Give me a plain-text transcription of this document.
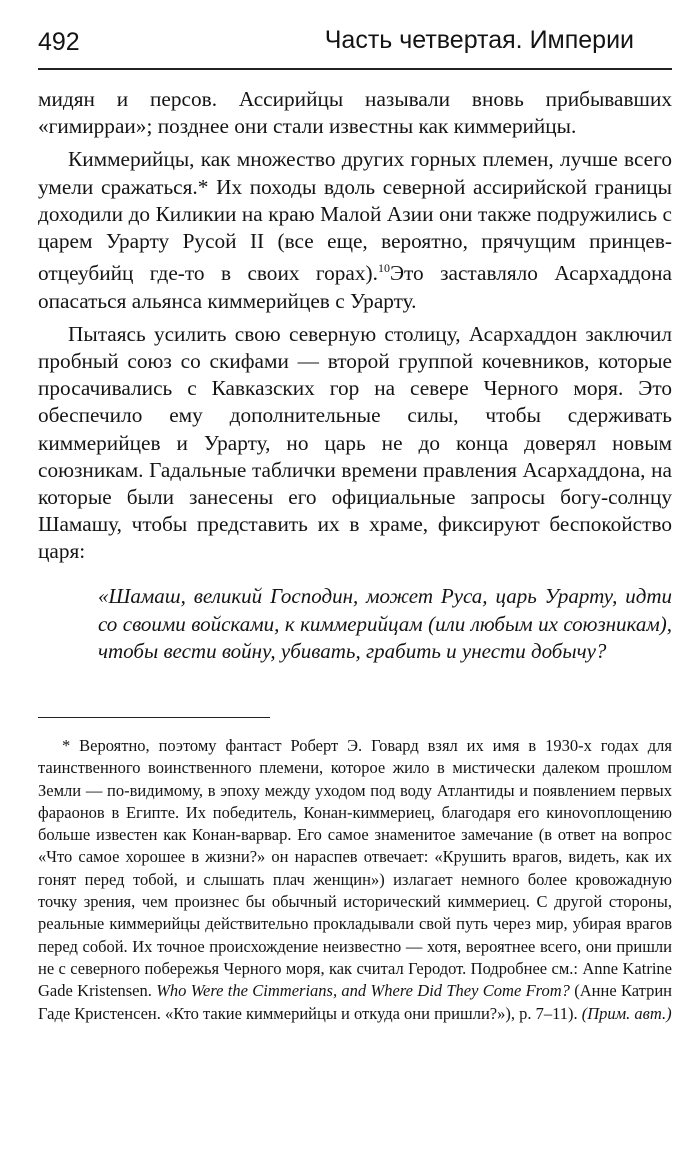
492	Часть четвертая. Империи

мидян и персов. Ассирийцы называли вновь прибывавших «гимирраи»; позднее они стали известны как киммерийцы.

Киммерийцы, как множество других горных племен, лучше всего умели сражаться.* Их походы вдоль северной ассирийской границы доходили до Киликии на краю Малой Азии они также подружились с царем Урарту Русой II (все еще, вероятно, прячущим принцев-отцеубийц где-то в своих горах).$^{10}$Это заставляло Асархаддона опасаться альянса киммерийцев с Урарту.

Пытаясь усилить свою северную столицу, Асархаддон заключил пробный союз со скифами — второй группой кочевников, которые просачивались с Кавказских гор на севере Черного моря. Это обеспечило ему дополнительные силы, чтобы сдерживать киммерийцев и Урарту, но царь не до конца доверял новым союзникам. Гадальные таблички времени правления Асархаддона, на которые были занесены его официальные запросы богу-солнцу Шамашу, чтобы представить их в храме, фиксируют беспокойство царя:

«Шамаш, великий Господин, может Руса, царь Урарту, идти со своими войсками, к киммерийцам (или любым их союзникам), чтобы вести войну, убивать, грабить и унести добычу?

* Вероятно, поэтому фантаст Роберт Э. Говард взял их имя в 1930-х годах для таинственного воинственного племени, которое жило в мистически далеком прошлом Земли — по-видимому, в эпоху между уходом под воду Атлантиды и появлением первых фараонов в Египте. Их победитель, Конан-киммериец, благодаря его кинovоплощению больше известен как Конан-варвар. Его самое знаменитое замечание (в ответ на вопрос «Что самое хорошее в жизни?» он нараспев отвечает: «Крушить врагов, видеть, как их гонят перед тобой, и слышать плач женщин») излагает немного более кровожадную точку зрения, чем произнес бы обычный исторический киммериец. С другой стороны, реальные киммерийцы действительно прокладывали свой путь через мир, убирая врагов перед собой. Их точное происхождение неизвестно — хотя, вероятнее всего, они пришли не с северного побережья Черного моря, как считал Геродот. Подробнее см.: Anne Katrine Gade Kristensen. Who Were the Cimmerians, and Where Did They Come From? (Анне Катрин Гаде Кристенсен. «Кто такие киммерийцы и откуда они пришли?»), p. 7–11). (Прим. авт.)
